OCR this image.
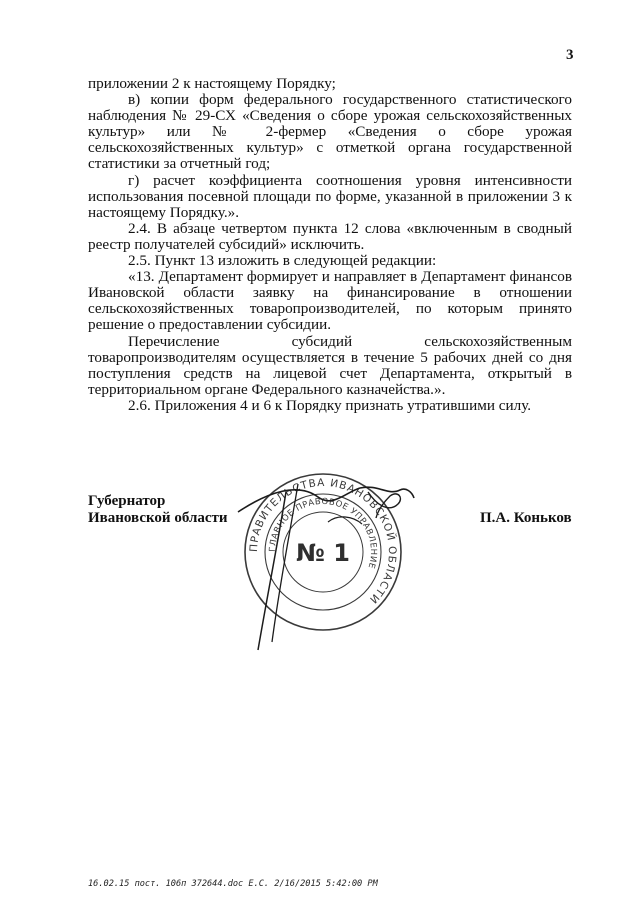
3

приложении 2 к настоящему Порядку;

в) копии форм федерального государственного статистического наблюдения № 29-СХ «Сведения о сборе урожая сельскохозяйственных культур» или № 2-фермер «Сведения о сборе урожая сельскохозяйственных культур» с отметкой органа государственной статистики за отчетный год;

г) расчет коэффициента соотношения уровня интенсивности использования посевной площади по форме, указанной в приложении 3 к настоящему Порядку.».

2.4. В абзаце четвертом пункта 12 слова «включенным в сводный реестр получателей субсидий» исключить.

2.5. Пункт 13 изложить в следующей редакции:

«13. Департамент формирует и направляет в Департамент финансов Ивановской области заявку на финансирование в отношении сельскохозяйственных товаропроизводителей, по которым принято решение о предоставлении субсидии.

Перечисление субсидий сельскохозяйственным товаропроизводителям осуществляется в течение 5 рабочих дней со дня поступления средств на лицевой счет Департамента, открытый в территориальном органе Федерального казначейства.».

2.6. Приложения 4 и 6 к Порядку признать утратившими силу.

Губернатор
Ивановской области
ПРАВИТЕЛЬСТВА ИВАНОВСКОЙ ОБЛАСТИ
ГЛАВНОЕ ПРАВОВОЕ УПРАВЛЕНИЕ
№ 1
П.А. Коньков
16.02.15 пост. 106п 372644.doc Е.С. 2/16/2015 5:42:00 PM
